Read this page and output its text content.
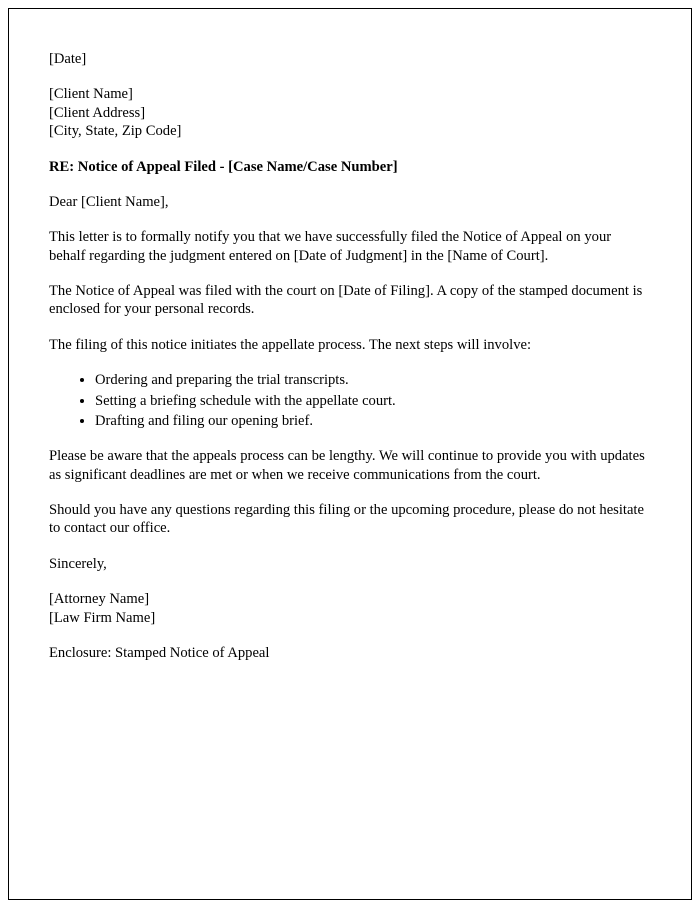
[Date]

[Client Name]

[Client Address]

[City, State, Zip Code]

RE: Notice of Appeal Filed - [Case Name/Case Number]

Dear [Client Name],

This letter is to formally notify you that we have successfully filed the Notice of Appeal on your behalf regarding the judgment entered on [Date of Judgment] in the [Name of Court].

The Notice of Appeal was filed with the court on [Date of Filing]. A copy of the stamped document is enclosed for your personal records.

The filing of this notice initiates the appellate process. The next steps will involve:

• Ordering and preparing the trial transcripts.
• Setting a briefing schedule with the appellate court.
• Drafting and filing our opening brief.

Please be aware that the appeals process can be lengthy. We will continue to provide you with updates as significant deadlines are met or when we receive communications from the court.

Should you have any questions regarding this filing or the upcoming procedure, please do not hesitate to contact our office.

Sincerely,

[Attorney Name]

[Law Firm Name]

Enclosure: Stamped Notice of Appeal
